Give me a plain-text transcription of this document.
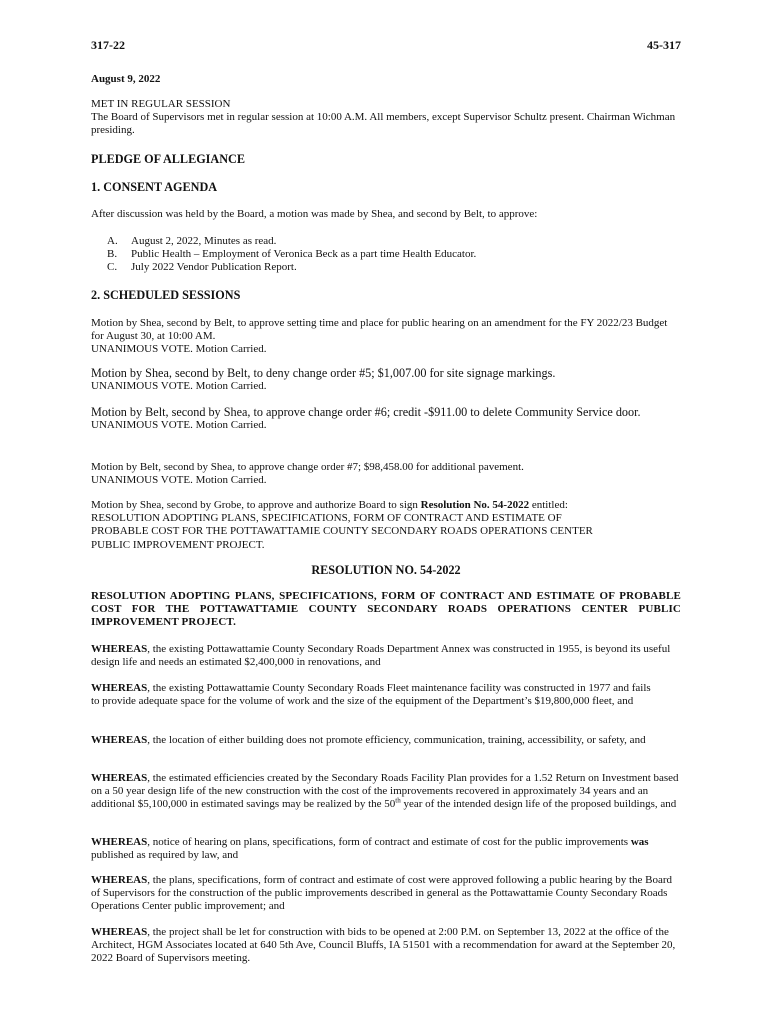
317-22	45-317
August 9, 2022

MET IN REGULAR SESSION

The Board of Supervisors met in regular session at 10:00 A.M. All members, except Supervisor Schultz present. Chairman Wichman presiding.

PLEDGE OF ALLEGIANCE
1. CONSENT AGENDA

After discussion was held by the Board, a motion was made by Shea, and second by Belt, to approve:

A.	August 2, 2022, Minutes as read.
B.	Public Health – Employment of Veronica Beck as a part time Health Educator.
C.	July 2022 Vendor Publication Report.
2. SCHEDULED SESSIONS

Motion by Shea, second by Belt, to approve setting time and place for public hearing on an amendment for the FY 2022/23 Budget for August 30, at 10:00 AM.

UNANIMOUS VOTE. Motion Carried.

Motion by Shea, second by Belt, to deny change order #5; $1,007.00 for site signage markings.

UNANIMOUS VOTE. Motion Carried.

Motion by Belt, second by Shea, to approve change order #6; credit -$911.00 to delete Community Service door.

UNANIMOUS VOTE. Motion Carried.

Motion by Belt, second by Shea, to approve change order #7; $98,458.00 for additional pavement.

UNANIMOUS VOTE. Motion Carried.

Motion by Shea, second by Grobe, to approve and authorize Board to sign Resolution No. 54-2022 entitled: RESOLUTION ADOPTING PLANS, SPECIFICATIONS, FORM OF CONTRACT AND ESTIMATE OF PROBABLE COST FOR THE POTTAWATTAMIE COUNTY SECONDARY ROADS OPERATIONS CENTER PUBLIC IMPROVEMENT PROJECT.

RESOLUTION NO. 54-2022

RESOLUTION ADOPTING PLANS, SPECIFICATIONS, FORM OF CONTRACT AND ESTIMATE OF PROBABLE COST FOR THE POTTAWATTAMIE COUNTY SECONDARY ROADS OPERATIONS CENTER PUBLIC IMPROVEMENT PROJECT.

WHEREAS, the existing Pottawattamie County Secondary Roads Department Annex was constructed in 1955, is beyond its useful design life and needs an estimated $2,400,000 in renovations, and

WHEREAS, the existing Pottawattamie County Secondary Roads Fleet maintenance facility was constructed in 1977 and fails to provide adequate space for the volume of work and the size of the equipment of the Department’s $19,800,000 fleet, and

WHEREAS, the location of either building does not promote efficiency, communication, training, accessibility, or safety, and

WHEREAS, the estimated efficiencies created by the Secondary Roads Facility Plan provides for a 1.52 Return on Investment based on a 50 year design life of the new construction with the cost of the improvements recovered in approximately 34 years and an additional $5,100,000 in estimated savings may be realized by the 50th year of the intended design life of the proposed buildings, and

WHEREAS, notice of hearing on plans, specifications, form of contract and estimate of cost for the public improvements was published as required by law, and

WHEREAS, the plans, specifications, form of contract and estimate of cost were approved following a public hearing by the Board of Supervisors for the construction of the public improvements described in general as the Pottawattamie County Secondary Roads Operations Center public improvement; and

WHEREAS, the project shall be let for construction with bids to be opened at 2:00 P.M. on September 13, 2022 at the office of the Architect, HGM Associates located at 640 5th Ave, Council Bluffs, IA 51501 with a recommendation for award at the September 20, 2022 Board of Supervisors meeting.
